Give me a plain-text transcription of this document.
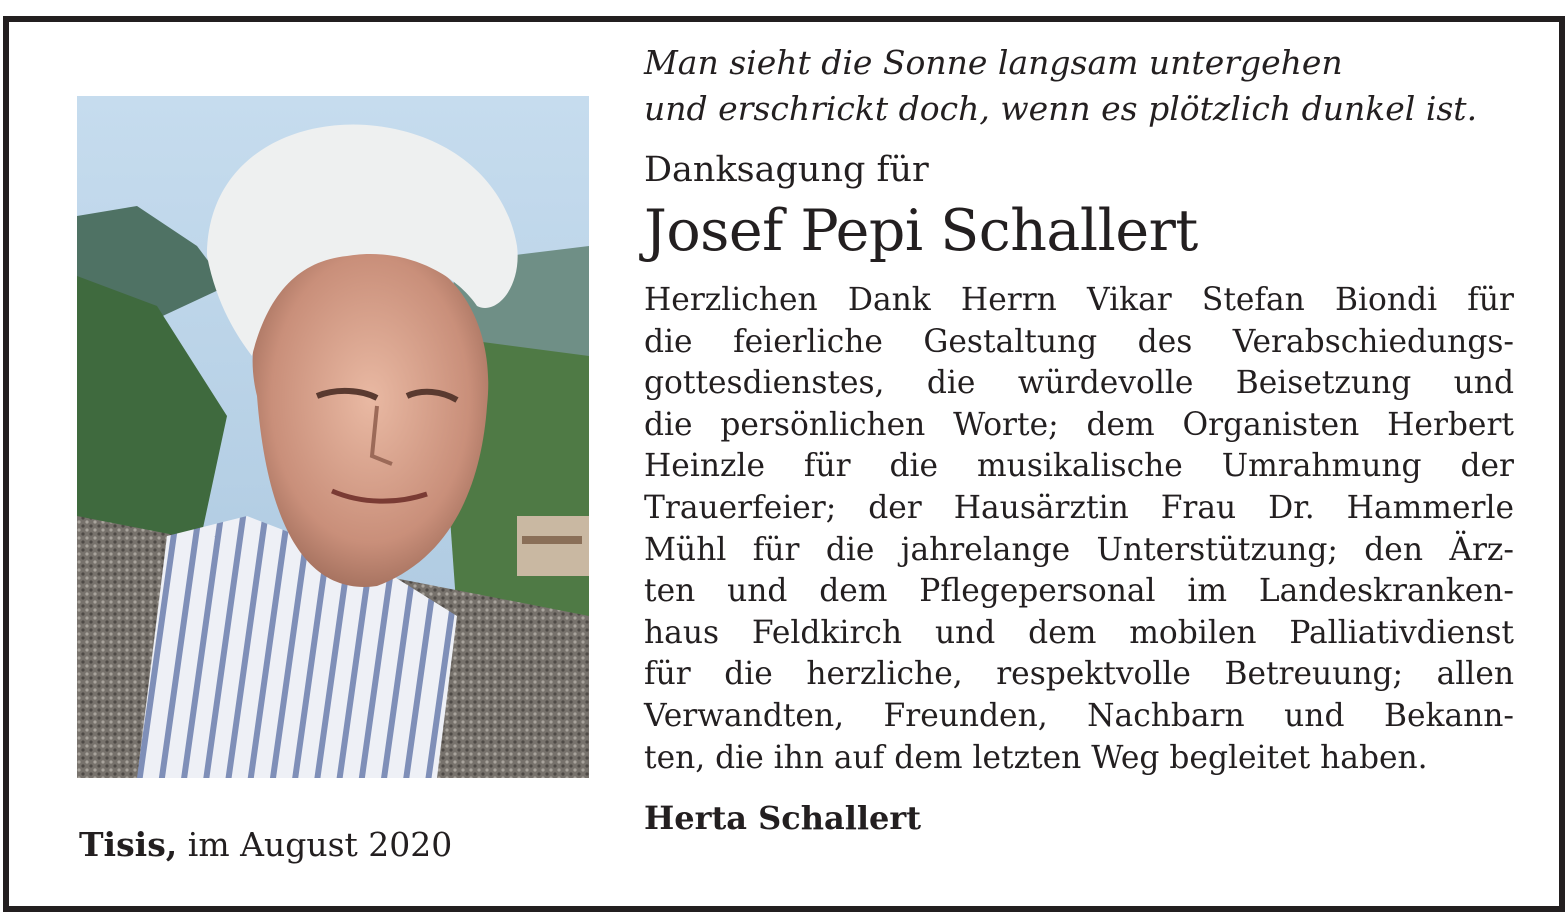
Tisis, im August 2020

Man sieht die Sonne langsam untergehen
und erschrickt doch, wenn es plötzlich dunkel ist.

Danksagung für

Josef Pepi Schallert

Herzlichen Dank Herrn Vikar Stefan Biondi für
die feierliche Gestaltung des Verabschiedungs-
gottesdienstes, die würdevolle Beisetzung und
die persönlichen Worte; dem Organisten Herbert
Heinzle für die musikalische Umrahmung der
Trauerfeier; der Hausärztin Frau Dr. Hammerle
Mühl für die jahrelange Unterstützung; den Ärz-
ten und dem Pflegepersonal im Landeskranken-
haus Feldkirch und dem mobilen Palliativdienst
für die herzliche, respektvolle Betreuung; allen
Verwandten, Freunden, Nachbarn und Bekann-
ten, die ihn auf dem letzten Weg begleitet haben.

Herta Schallert
